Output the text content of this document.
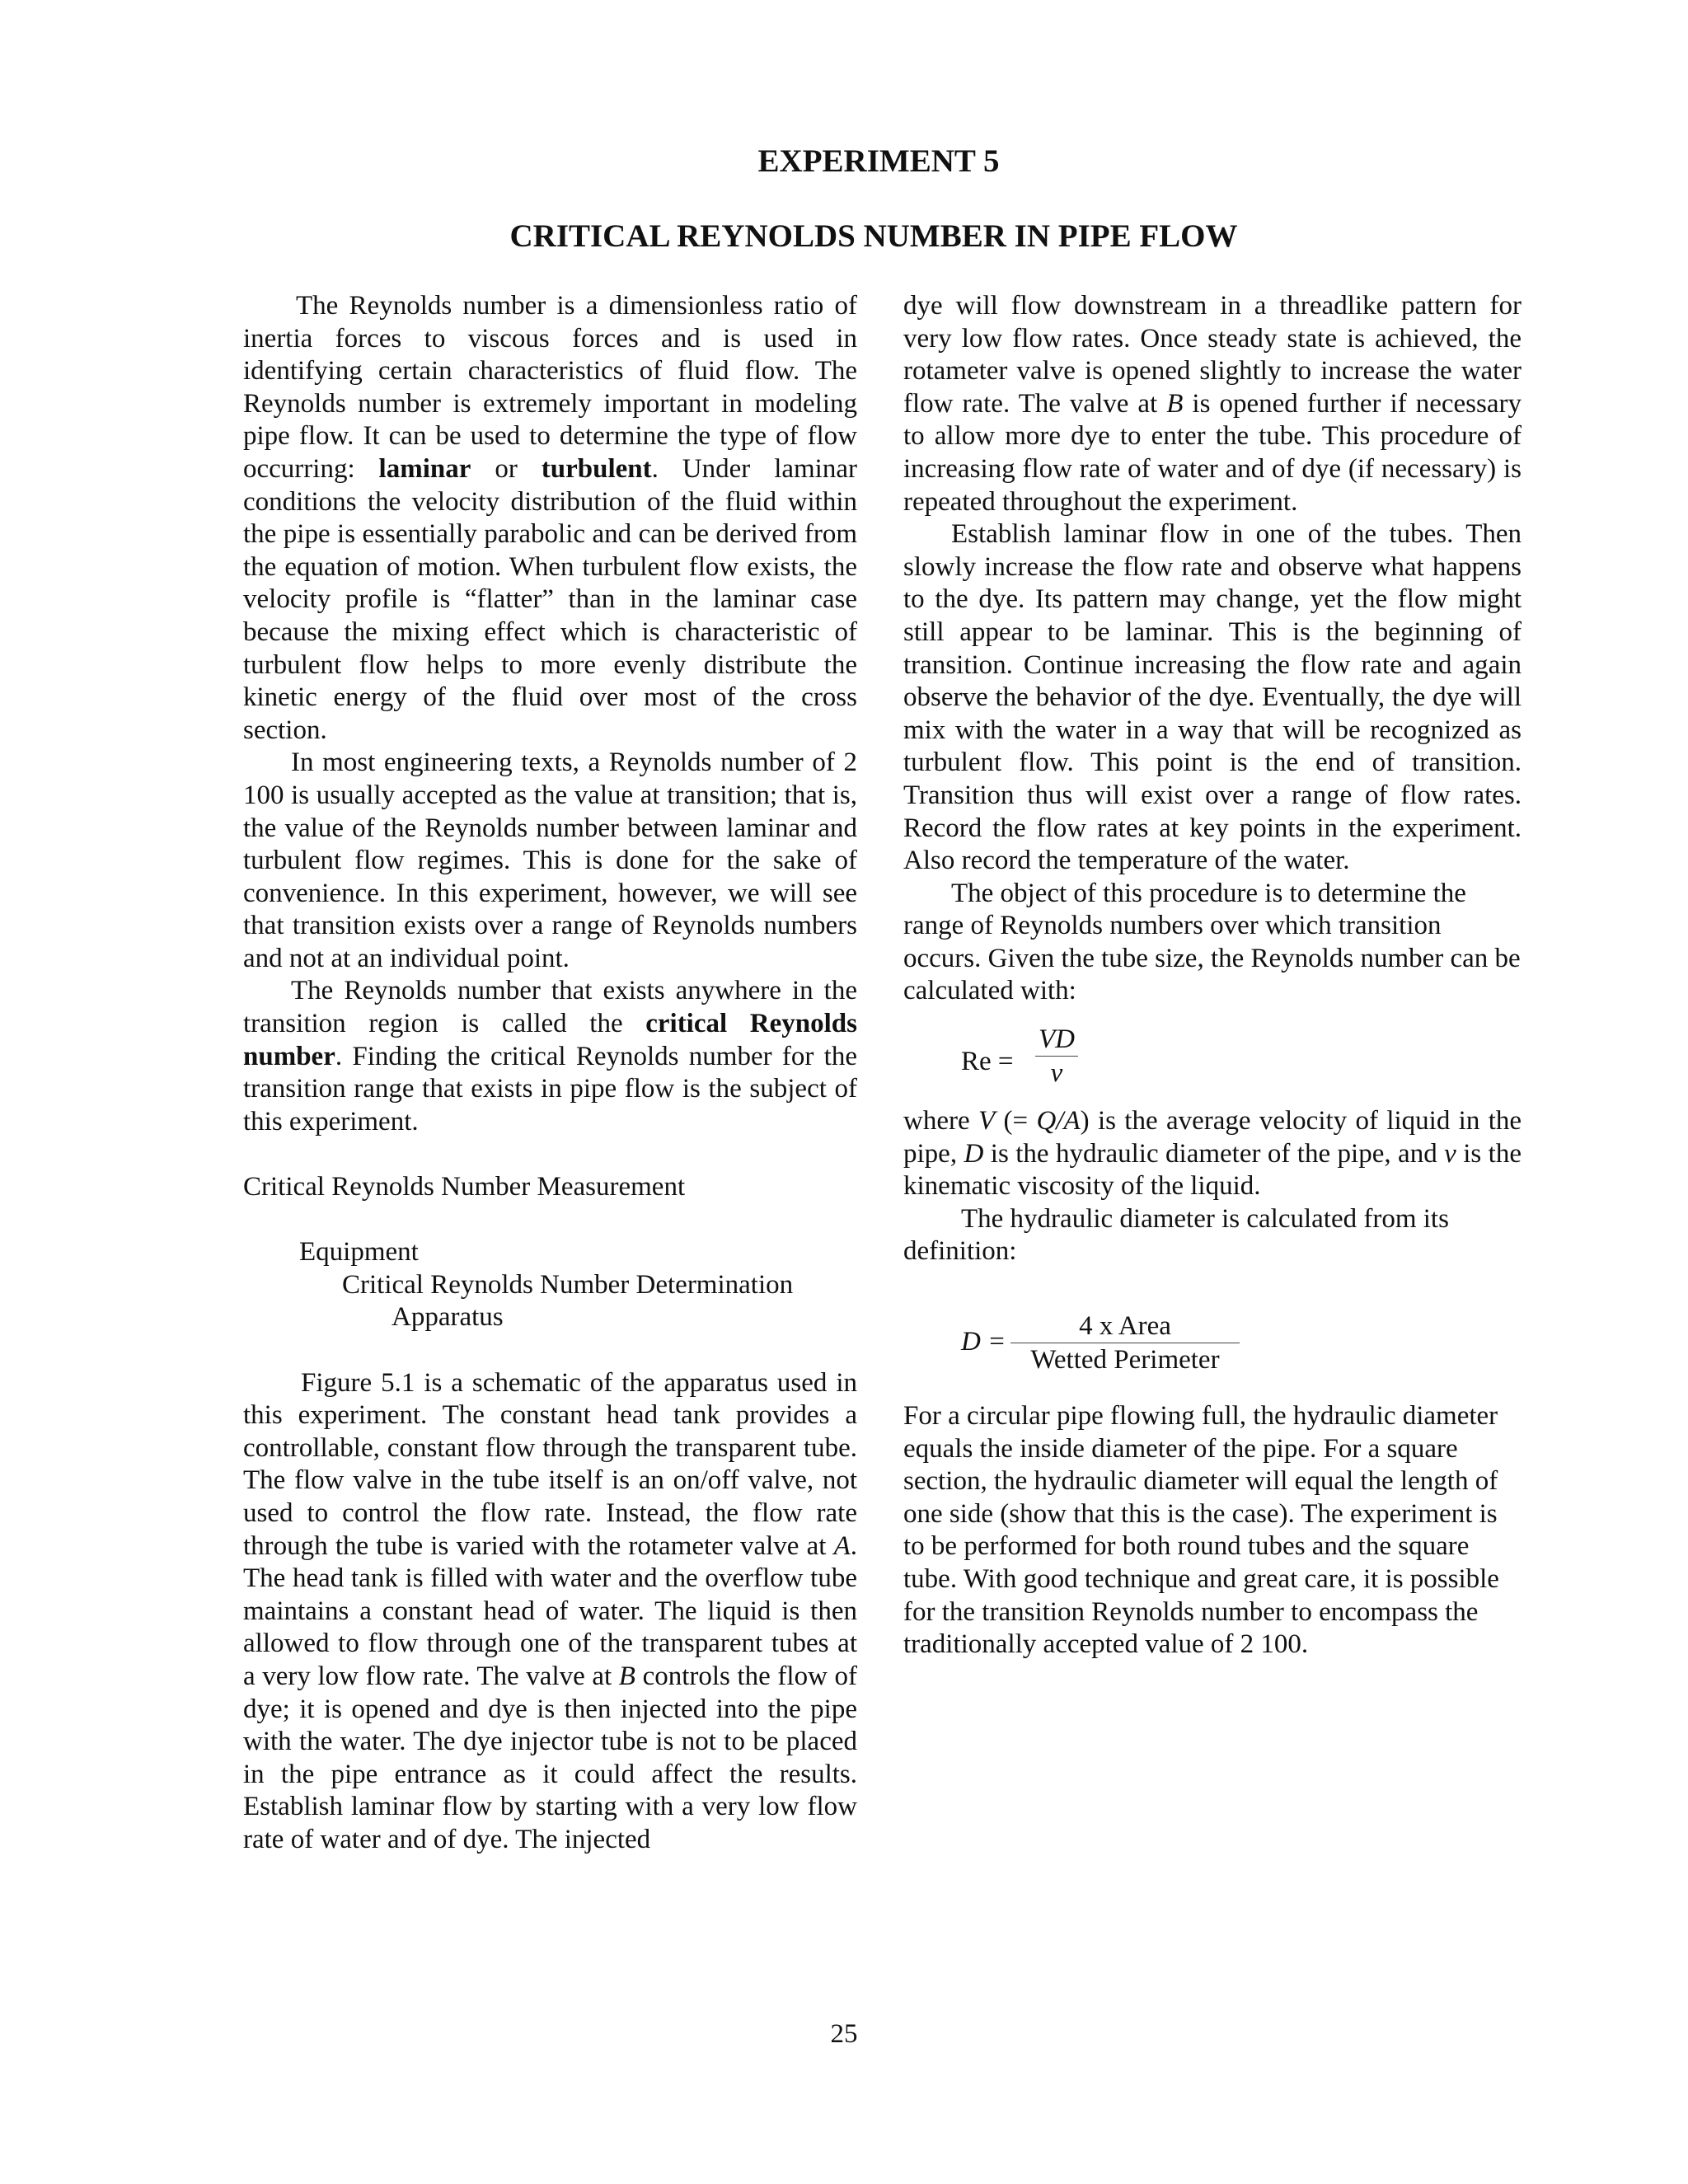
EXPERIMENT 5
CRITICAL REYNOLDS NUMBER IN PIPE FLOW

The Reynolds number is a dimensionless ratio of inertia forces to viscous forces and is used in identifying certain characteristics of fluid flow. The Reynolds number is extremely important in modeling pipe flow. It can be used to determine the type of flow occurring: laminar or turbulent. Under laminar conditions the velocity distribution of the fluid within the pipe is essentially parabolic and can be derived from the equation of motion. When turbulent flow exists, the velocity profile is “flatter” than in the laminar case because the mixing effect which is characteristic of turbulent flow helps to more evenly distribute the kinetic energy of the fluid over most of the cross section.

In most engineering texts, a Reynolds number of 2 100 is usually accepted as the value at transition; that is, the value of the Reynolds number between laminar and turbulent flow regimes. This is done for the sake of convenience. In this experiment, however, we will see that transition exists over a range of Reynolds numbers and not at an individual point.

The Reynolds number that exists anywhere in the transition region is called the critical Reynolds number. Finding the critical Reynolds number for the transition range that exists in pipe flow is the subject of this experiment.

Critical Reynolds Number Measurement

Equipment

Critical Reynolds Number Determination

Apparatus

Figure 5.1 is a schematic of the apparatus used in this experiment. The constant head tank provides a controllable, constant flow through the transparent tube. The flow valve in the tube itself is an on/off valve, not used to control the flow rate. Instead, the flow rate through the tube is varied with the rotameter valve at A. The head tank is filled with water and the overflow tube maintains a constant head of water. The liquid is then allowed to flow through one of the transparent tubes at a very low flow rate. The valve at B controls the flow of dye; it is opened and dye is then injected into the pipe with the water. The dye injector tube is not to be placed in the pipe entrance as it could affect the results. Establish laminar flow by starting with a very low flow rate of water and of dye. The injected

dye will flow downstream in a threadlike pattern for very low flow rates. Once steady state is achieved, the rotameter valve is opened slightly to increase the water flow rate. The valve at B is opened further if necessary to allow more dye to enter the tube. This procedure of increasing flow rate of water and of dye (if necessary) is repeated throughout the experiment.

Establish laminar flow in one of the tubes. Then slowly increase the flow rate and observe what happens to the dye. Its pattern may change, yet the flow might still appear to be laminar. This is the beginning of transition. Continue increasing the flow rate and again observe the behavior of the dye. Eventually, the dye will mix with the water in a way that will be recognized as turbulent flow. This point is the end of transition. Transition thus will exist over a range of flow rates. Record the flow rates at key points in the experiment. Also record the temperature of the water.

The object of this procedure is to determine the range of Reynolds numbers over which transition occurs. Given the tube size, the Reynolds number can be calculated with:

Re =
VD
ν

where V (= Q/A) is the average velocity of liquid in the pipe, D is the hydraulic diameter of the pipe, and ν is the kinematic viscosity of the liquid.

The hydraulic diameter is calculated from its definition:

D =
4 x Area
Wetted Perimeter

For a circular pipe flowing full, the hydraulic diameter equals the inside diameter of the pipe. For a square section, the hydraulic diameter will equal the length of one side (show that this is the case). The experiment is to be performed for both round tubes and the square tube. With good technique and great care, it is possible for the transition Reynolds number to encompass the traditionally accepted value of 2 100.

25
